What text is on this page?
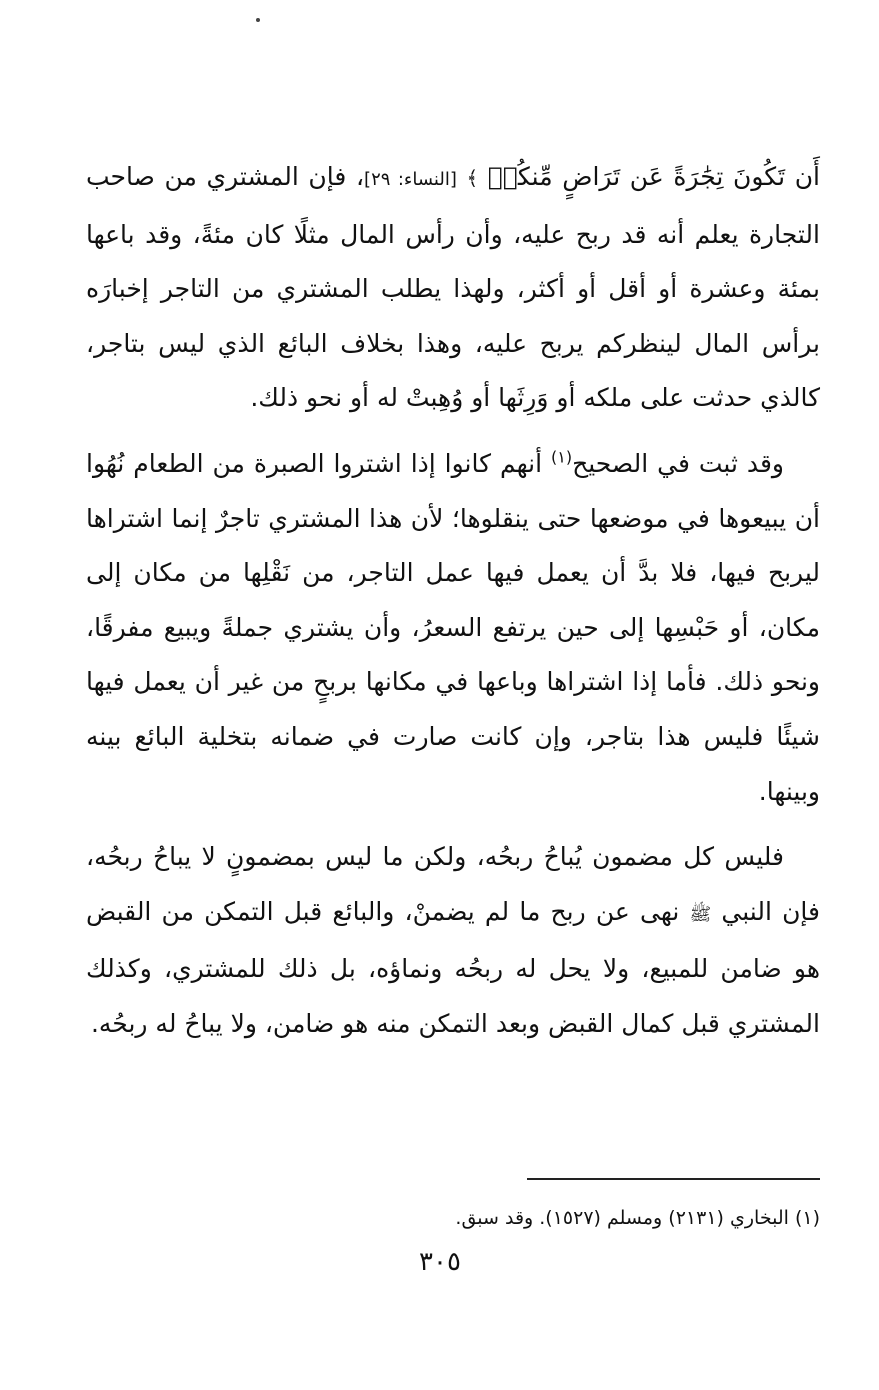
أَن تَكُونَ تِجَٰرَةً عَن تَرَاضٍ مِّنكُمۡ ﴾ [النساء: ٢٩]، فإن المشتري من صاحب التجارة يعلم أنه قد ربح عليه، وأن رأس المال مثلًا كان مئةً، وقد باعها بمئة وعشرة أو أقل أو أكثر، ولهذا يطلب المشتري من التاجر إخبارَه برأس المال لينظركم يربح عليه، وهذا بخلاف البائع الذي ليس بتاجر، كالذي حدثت على ملكه أو وَرِثَها أو وُهِبتْ له أو نحو ذلك.

وقد ثبت في الصحيح$^{(١)}$ أنهم كانوا إذا اشتروا الصبرة من الطعام نُهُوا أن يبيعوها في موضعها حتى ينقلوها؛ لأن هذا المشتري تاجرٌ إنما اشتراها ليربح فيها، فلا بدَّ أن يعمل فيها عمل التاجر، من نَقْلِها من مكان إلى مكان، أو حَبْسِها إلى حين يرتفع السعرُ، وأن يشتري جملةً ويبيع مفرقًا، ونحو ذلك. فأما إذا اشتراها وباعها في مكانها بربحٍ من غير أن يعمل فيها شيئًا فليس هذا بتاجر، وإن كانت صارت في ضمانه بتخلية البائع بينه وبينها.

فليس كل مضمون يُباحُ ربحُه، ولكن ما ليس بمضمونٍ لا يباحُ ربحُه، فإن النبي ﷺ نهى عن ربح ما لم يضمنْ، والبائع قبل التمكن من القبض هو ضامن للمبيع، ولا يحل له ربحُه ونماؤه، بل ذلك للمشتري، وكذلك المشتري قبل كمال القبض وبعد التمكن منه هو ضامن، ولا يباحُ له ربحُه.

(١) البخاري (٢١٣١) ومسلم (١٥٢٧). وقد سبق.

٣٠٥
